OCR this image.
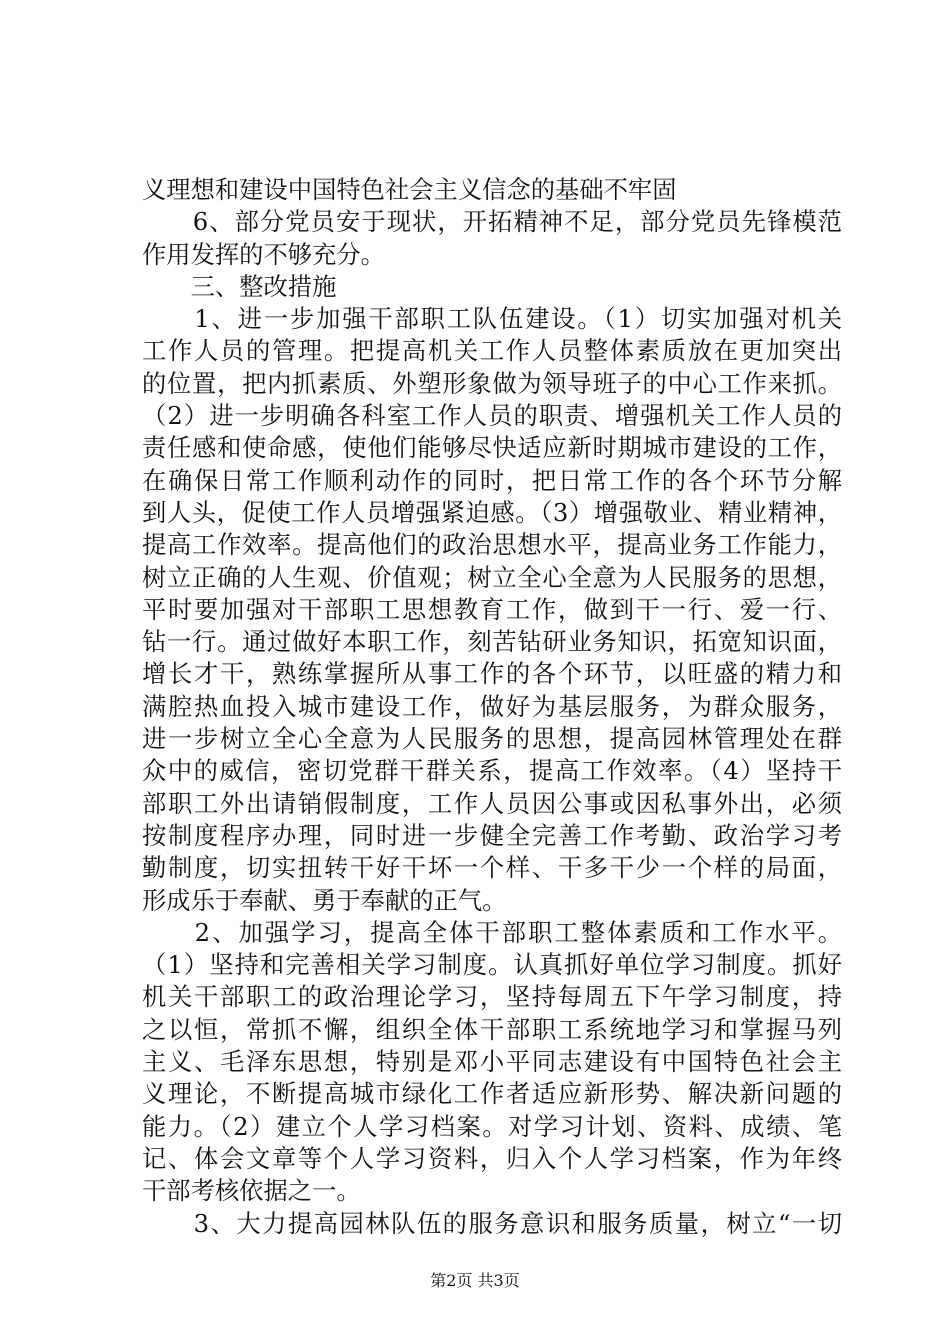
义理想和建设中国特色社会主义信念的基础不牢固
　　6、部分党员安于现状，开拓精神不足，部分党员先锋模范
作用发挥的不够充分。
　　三、整改措施
　　1、进一步加强干部职工队伍建设。（1）切实加强对机关
工作人员的管理。把提高机关工作人员整体素质放在更加突出
的位置，把内抓素质、外塑形象做为领导班子的中心工作来抓。
（2）进一步明确各科室工作人员的职责、增强机关工作人员的
责任感和使命感，使他们能够尽快适应新时期城市建设的工作，
在确保日常工作顺利动作的同时，把日常工作的各个环节分解
到人头，促使工作人员增强紧迫感。（3）增强敬业、精业精神，
提高工作效率。提高他们的政治思想水平，提高业务工作能力，
树立正确的人生观、价值观；树立全心全意为人民服务的思想，
平时要加强对干部职工思想教育工作，做到干一行、爱一行、
钻一行。通过做好本职工作，刻苦钻研业务知识，拓宽知识面，
增长才干，熟练掌握所从事工作的各个环节，以旺盛的精力和
满腔热血投入城市建设工作，做好为基层服务，为群众服务，
进一步树立全心全意为人民服务的思想，提高园林管理处在群
众中的威信，密切党群干群关系，提高工作效率。（4）坚持干
部职工外出请销假制度，工作人员因公事或因私事外出，必须
按制度程序办理，同时进一步健全完善工作考勤、政治学习考
勤制度，切实扭转干好干坏一个样、干多干少一个样的局面，
形成乐于奉献、勇于奉献的正气。
　　2、加强学习，提高全体干部职工整体素质和工作水平。
（1）坚持和完善相关学习制度。认真抓好单位学习制度。抓好
机关干部职工的政治理论学习，坚持每周五下午学习制度，持
之以恒，常抓不懈，组织全体干部职工系统地学习和掌握马列
主义、毛泽东思想，特别是邓小平同志建设有中国特色社会主
义理论，不断提高城市绿化工作者适应新形势、解决新问题的
能力。（2）建立个人学习档案。对学习计划、资料、成绩、笔
记、体会文章等个人学习资料，归入个人学习档案，作为年终
干部考核依据之一。
　　3、大力提高园林队伍的服务意识和服务质量，树立“一切
第2页 共3页
